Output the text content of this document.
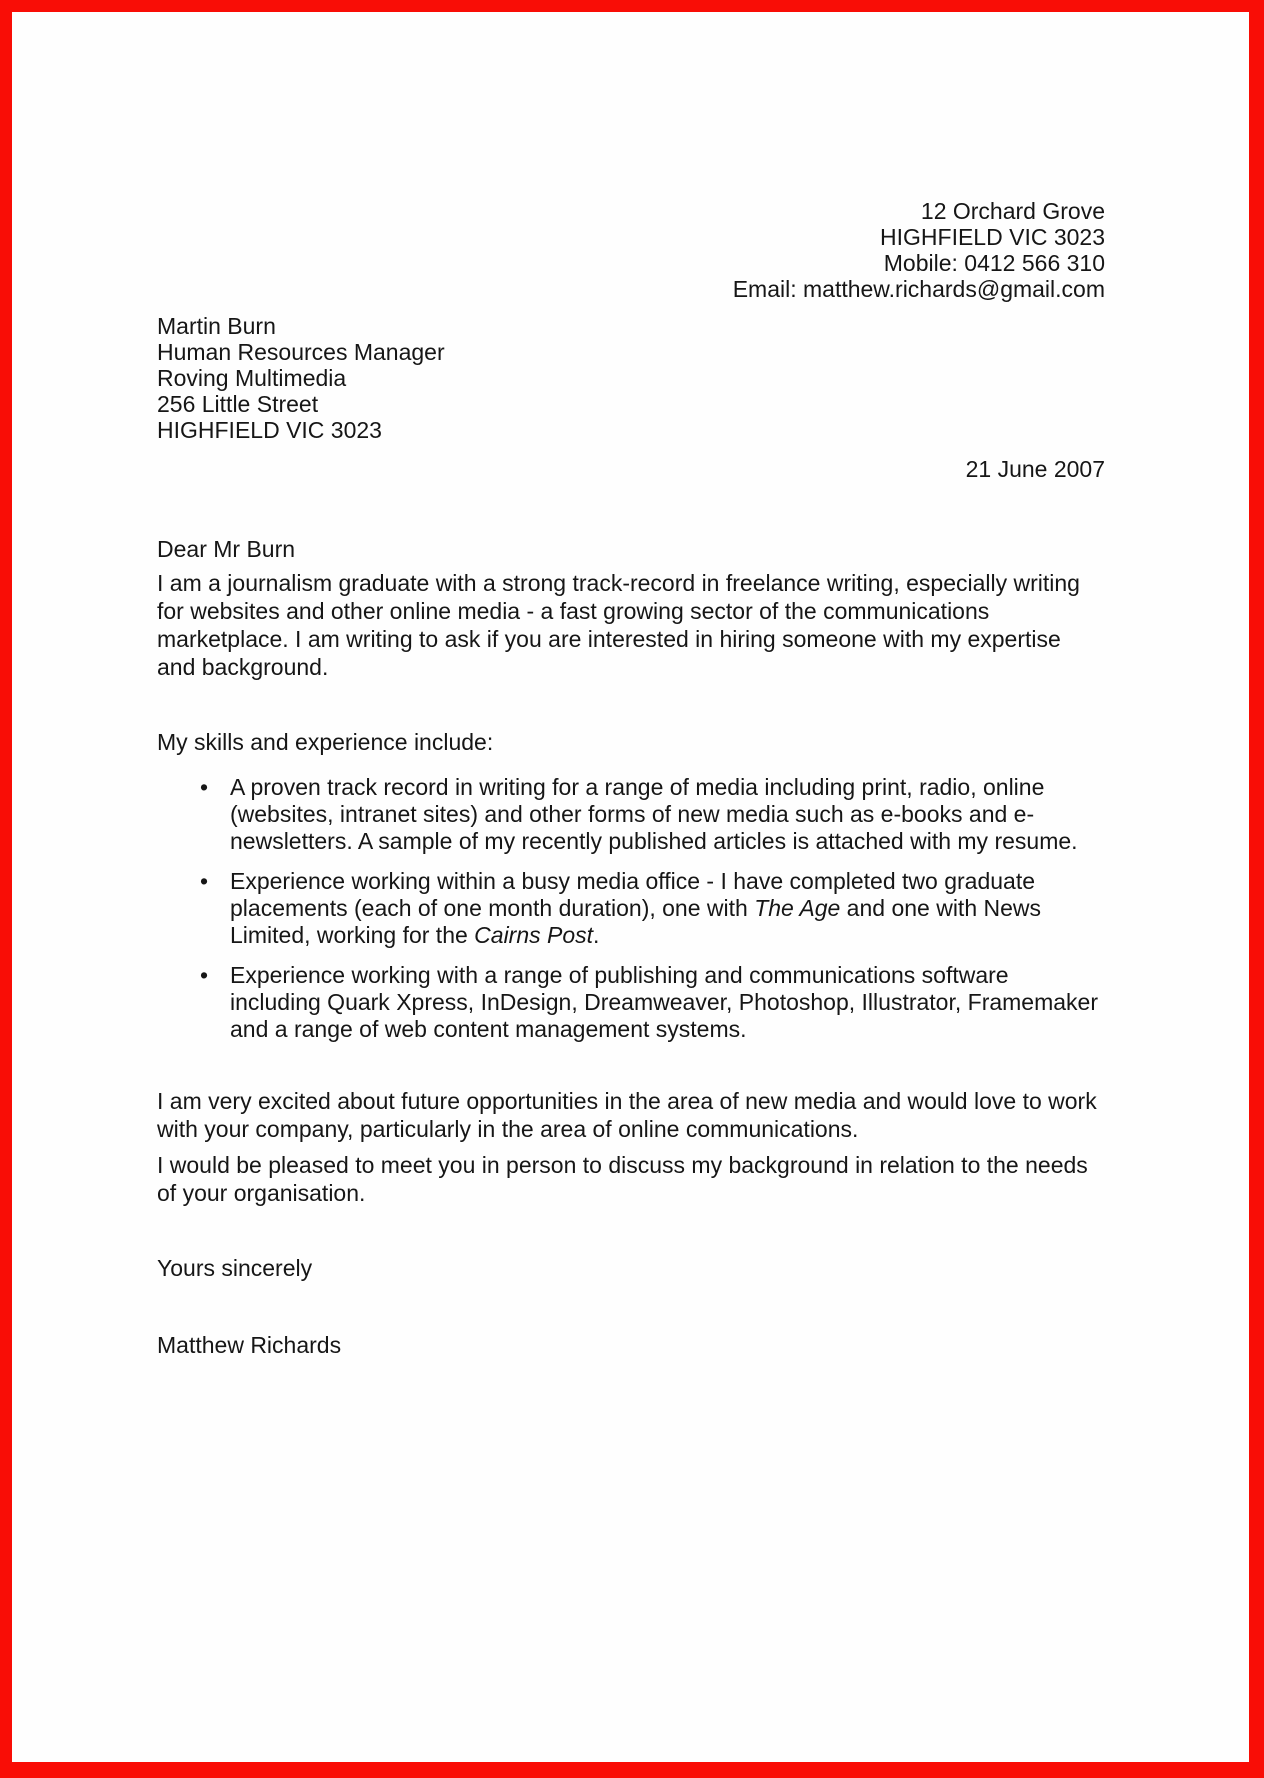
12 Orchard Grove
HIGHFIELD VIC 3023
Mobile: 0412 566 310
Email: matthew.richards@gmail.com
Martin Burn
Human Resources Manager
Roving Multimedia
256 Little Street
HIGHFIELD VIC 3023
21 June 2007

Dear Mr Burn

I am a journalism graduate with a strong track-record in freelance writing, especially writing for websites and other online media - a fast growing sector of the communications marketplace. I am writing to ask if you are interested in hiring someone with my expertise and background.

My skills and experience include:

• A proven track record in writing for a range of media including print, radio, online (websites, intranet sites) and other forms of new media such as e-books and e-newsletters. A sample of my recently published articles is attached with my resume.
• Experience working within a busy media office - I have completed two graduate placements (each of one month duration), one with The Age and one with News Limited, working for the Cairns Post.
• Experience working with a range of publishing and communications software including Quark Xpress, InDesign, Dreamweaver, Photoshop, Illustrator, Framemaker and a range of web content management systems.

I am very excited about future opportunities in the area of new media and would love to work with your company, particularly in the area of online communications.

I would be pleased to meet you in person to discuss my background in relation to the needs of your organisation.

Yours sincerely

Matthew Richards
